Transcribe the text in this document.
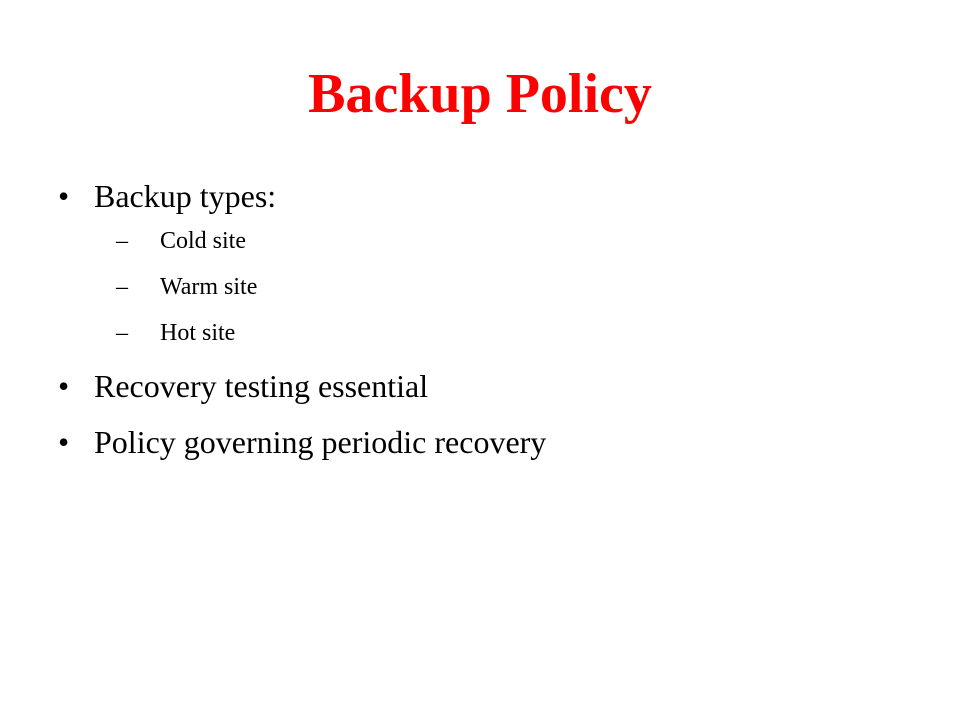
Backup Policy
• Backup types:
– Cold site
– Warm site
– Hot site
• Recovery testing essential
• Policy governing periodic recovery
